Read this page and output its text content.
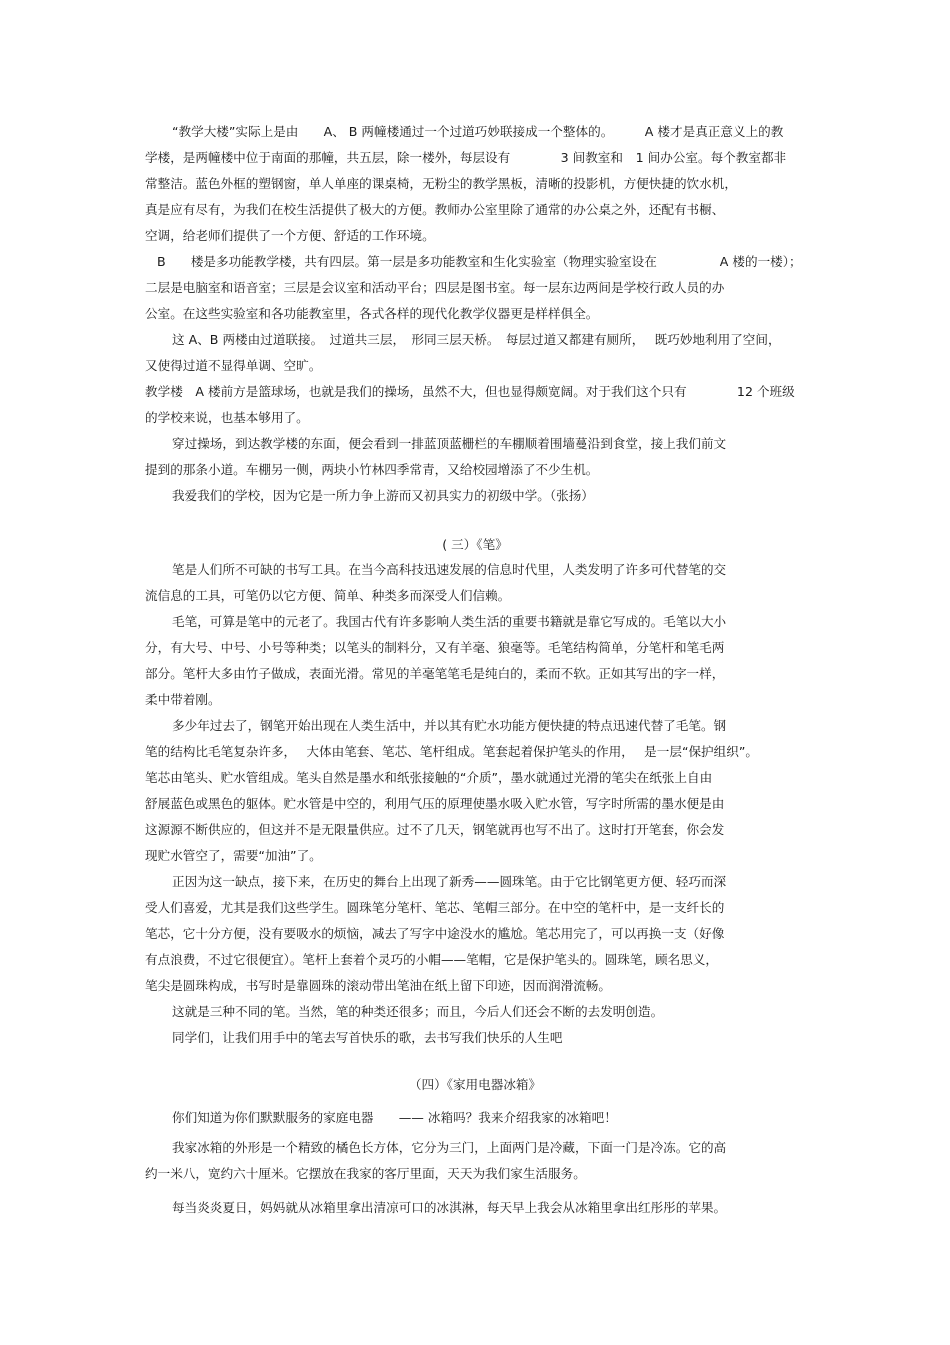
“教学大楼”实际上是由　　A、 B 两幢楼通过一个过道巧妙联接成一个整体的。　　　A 楼才是真正意义上的教
学楼，是两幢楼中位于南面的那幢，共五层，除一楼外，每层设有　　　　3 间教室和　1 间办公室。每个教室都非
常整洁。蓝色外框的塑钢窗，单人单座的课桌椅，无粉尘的教学黑板，清晰的投影机，方便快捷的饮水机，
真是应有尽有，为我们在校生活提供了极大的方便。教师办公室里除了通常的办公桌之外，还配有书橱、
空调，给老师们提供了一个方便、舒适的工作环境。
B　　楼是多功能教学楼，共有四层。第一层是多功能教室和生化实验室（物理实验室设在　　　　　A 楼的一楼）；
二层是电脑室和语音室；三层是会议室和活动平台；四层是图书室。每一层东边两间是学校行政人员的办
公室。在这些实验室和各功能教室里，各式各样的现代化教学仪器更是样样俱全。
这 A、B 两楼由过道联接。　过道共三层，　形同三层天桥。　每层过道又都建有厕所，　 既巧妙地利用了空间，
又使得过道不显得单调、空旷。
教学楼　A 楼前方是篮球场，也就是我们的操场，虽然不大，但也显得颇宽阔。对于我们这个只有　　　　12 个班级
的学校来说，也基本够用了。
穿过操场，到达教学楼的东面，便会看到一排蓝顶蓝栅栏的车棚顺着围墙蔓沿到食堂，接上我们前文
提到的那条小道。车棚另一侧，两块小竹林四季常青，又给校园增添了不少生机。
我爱我们的学校，因为它是一所力争上游而又初具实力的初级中学。（张扬）
( 三）《笔》
笔是人们所不可缺的书写工具。在当今高科技迅速发展的信息时代里，人类发明了许多可代替笔的交
流信息的工具，可笔仍以它方便、简单、种类多而深受人们信赖。
毛笔，可算是笔中的元老了。我国古代有许多影响人类生活的重要书籍就是靠它写成的。毛笔以大小
分，有大号、中号、小号等种类；以笔头的制料分，又有羊毫、狼毫等。毛笔结构简单，分笔杆和笔毛两
部分。笔杆大多由竹子做成，表面光滑。常见的羊毫笔笔毛是纯白的，柔而不软。正如其写出的字一样，
柔中带着刚。
多少年过去了，钢笔开始出现在人类生活中，并以其有贮水功能方便快捷的特点迅速代替了毛笔。钢
笔的结构比毛笔复杂许多，　 大体由笔套、笔芯、笔杆组成。笔套起着保护笔头的作用，　 是一层“保护组织”。
笔芯由笔头、贮水管组成。笔头自然是墨水和纸张接触的“介质”，墨水就通过光滑的笔尖在纸张上自由
舒展蓝色或黑色的躯体。贮水管是中空的，利用气压的原理使墨水吸入贮水管，写字时所需的墨水便是由
这源源不断供应的，但这并不是无限量供应。过不了几天，钢笔就再也写不出了。这时打开笔套，你会发
现贮水管空了，需要“加油”了。
正因为这一缺点，接下来，在历史的舞台上出现了新秀——圆珠笔。由于它比钢笔更方便、轻巧而深
受人们喜爱，尤其是我们这些学生。圆珠笔分笔杆、笔芯、笔帽三部分。在中空的笔杆中，是一支纤长的
笔芯，它十分方便，没有要吸水的烦恼，减去了写字中途没水的尴尬。笔芯用完了，可以再换一支（好像
有点浪费，不过它很便宜）。笔杆上套着个灵巧的小帽——笔帽，它是保护笔头的。圆珠笔，顾名思义，
笔尖是圆珠构成，书写时是靠圆珠的滚动带出笔油在纸上留下印迹，因而润滑流畅。
这就是三种不同的笔。当然，笔的种类还很多；而且，今后人们还会不断的去发明创造。
同学们，让我们用手中的笔去写首快乐的歌，去书写我们快乐的人生吧
（四）《家用电器冰箱》
你们知道为你们默默服务的家庭电器　　—— 冰箱吗？我来介绍我家的冰箱吧！
我家冰箱的外形是一个精致的橘色长方体，它分为三门，上面两门是冷藏，下面一门是冷冻。它的高
约一米八，宽约六十厘米。它摆放在我家的客厅里面，天天为我们家生活服务。
每当炎炎夏日，妈妈就从冰箱里拿出清凉可口的冰淇淋，每天早上我会从冰箱里拿出红彤彤的苹果。
